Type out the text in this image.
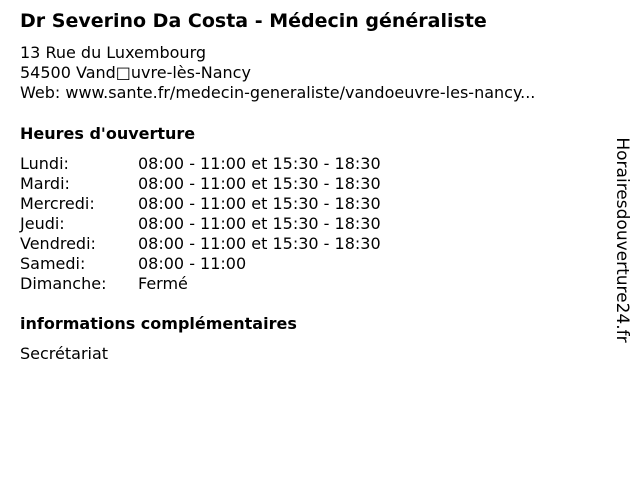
Dr Severino Da Costa - Médecin généraliste
13 Rue du Luxembourg
54500 Vand□uvre-lès-Nancy
Web: www.sante.fr/medecin-generaliste/vandoeuvre-les-nancy...
Heures d'ouverture
Lundi:	08:00 - 11:00 et 15:30 - 18:30
Mardi:	08:00 - 11:00 et 15:30 - 18:30
Mercredi:	08:00 - 11:00 et 15:30 - 18:30
Jeudi:	08:00 - 11:00 et 15:30 - 18:30
Vendredi:	08:00 - 11:00 et 15:30 - 18:30
Samedi:	08:00 - 11:00
Dimanche:	Fermé
informations complémentaires
Secrétariat
Horairesdouverture24.fr
